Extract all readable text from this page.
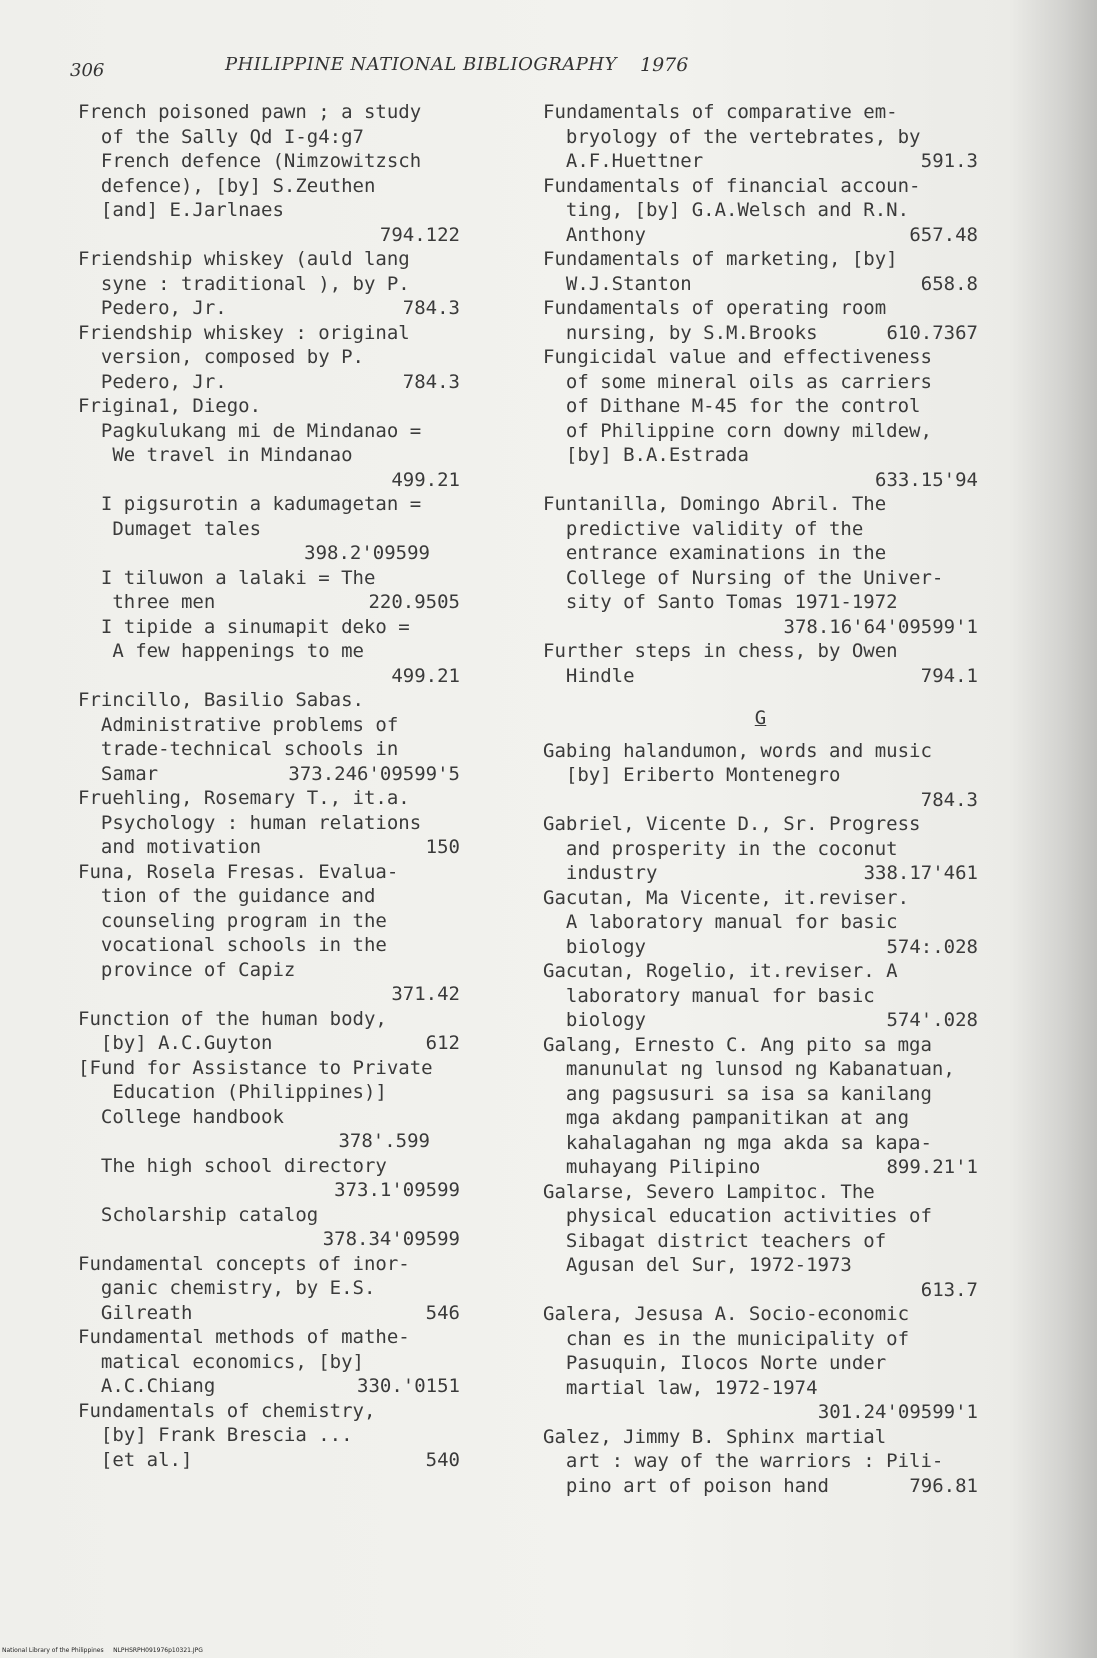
306	PHILIPPINE NATIONAL BIBLIOGRAPHY 1976
French poisoned pawn ; a study
of the Sally Qd I-g4:g7
French defence (Nimzowitzsch
defence), [by] S.Zeuthen
[and] E.Jarlnaes
794.122
Friendship whiskey (auld lang
syne : traditional ), by P.
Pedero, Jr.	784.3
Friendship whiskey : original
version, composed by P.
Pedero, Jr.	784.3
Frigina1, Diego.
Pagkulukang mi de Mindanao =
We travel in Mindanao
499.21
I pigsurotin a kadumagetan =
Dumaget tales
398.2'09599
I tiluwon a lalaki = The
three men	220.9505
I tipide a sinumapit deko =
A few happenings to me
499.21
Frincillo, Basilio Sabas.
Administrative problems of
trade-technical schools in
Samar	373.246'09599'5
Fruehling, Rosemary T., it.a.
Psychology : human relations
and motivation	150
Funa, Rosela Fresas. Evalua-
tion of the guidance and
counseling program in the
vocational schools in the
province of Capiz
371.42
Function of the human body,
[by] A.C.Guyton	612
[Fund for Assistance to Private
Education (Philippines)]
College handbook
378'.599
The high school directory
373.1'09599
Scholarship catalog
378.34'09599
Fundamental concepts of inor-
ganic chemistry, by E.S.
Gilreath	546
Fundamental methods of mathe-
matical economics, [by]
A.C.Chiang	330.'0151
Fundamentals of chemistry,
[by] Frank Brescia ...
[et al.]	540
Fundamentals of comparative em-
bryology of the vertebrates, by
A.F.Huettner	591.3
Fundamentals of financial accoun-
ting, [by] G.A.Welsch and R.N.
Anthony	657.48
Fundamentals of marketing, [by]
W.J.Stanton	658.8
Fundamentals of operating room
nursing, by S.M.Brooks	610.7367
Fungicidal value and effectiveness
of some mineral oils as carriers
of Dithane M-45 for the control
of Philippine corn downy mildew,
[by] B.A.Estrada
633.15'94
Funtanilla, Domingo Abril. The
predictive validity of the
entrance examinations in the
College of Nursing of the Univer-
sity of Santo Tomas 1971-1972
378.16'64'09599'1
Further steps in chess, by Owen
Hindle	794.1
G
Gabing halandumon, words and music
[by] Eriberto Montenegro
784.3
Gabriel, Vicente D., Sr. Progress
and prosperity in the coconut
industry	338.17'461
Gacutan, Ma Vicente, it.reviser.
A laboratory manual for basic
biology	574:.028
Gacutan, Rogelio, it.reviser. A
laboratory manual for basic
biology	574'.028
Galang, Ernesto C. Ang pito sa mga
manunulat ng lunsod ng Kabanatuan,
ang pagsusuri sa isa sa kanilang
mga akdang pampanitikan at ang
kahalagahan ng mga akda sa kapa-
muhayang Pilipino	899.21'1
Galarse, Severo Lampitoc. The
physical education activities of
Sibagat district teachers of
Agusan del Sur, 1972-1973
613.7
Galera, Jesusa A. Socio-economic
chan es in the municipality of
Pasuquin, Ilocos Norte under
martial law, 1972-1974
301.24'09599'1
Galez, Jimmy B. Sphinx martial
art : way of the warriors : Pili-
pino art of poison hand	796.81
National Library of the Philippines     NLPHSRPH091976p10321.JPG
